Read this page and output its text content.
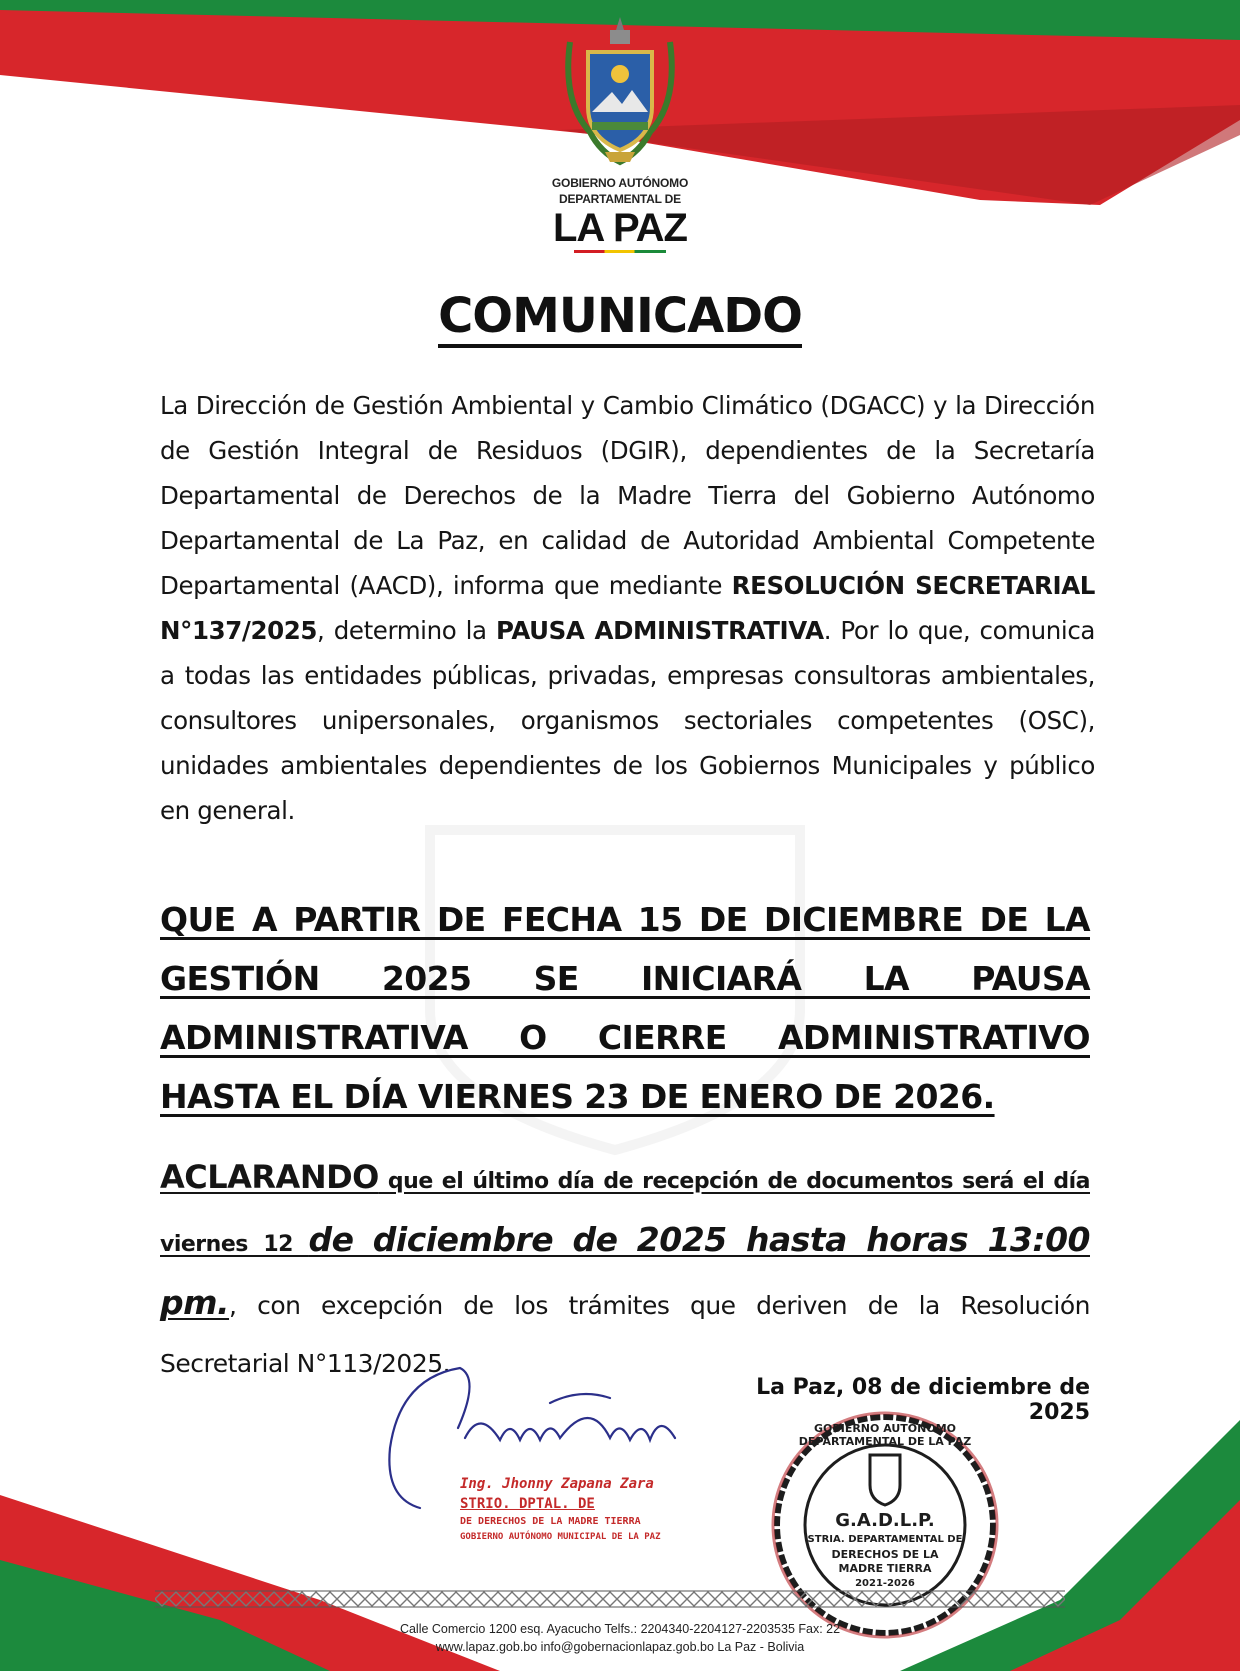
GOBIERNO AUTÓNOMO
DEPARTAMENTAL DE
LA PAZ
COMUNICADO
La Dirección de Gestión Ambiental y Cambio Climático (DGACC) y la Dirección de Gestión Integral de Residuos (DGIR), dependientes de la Secretaría Departamental de Derechos de la Madre Tierra del Gobierno Autónomo Departamental de La Paz, en calidad de Autoridad Ambiental Competente Departamental (AACD), informa que mediante RESOLUCIÓN SECRETARIAL N°137/2025, determino la PAUSA ADMINISTRATIVA. Por lo que, comunica a todas las entidades públicas, privadas, empresas consultoras ambientales, consultores unipersonales, organismos sectoriales competentes (OSC), unidades ambientales dependientes de los Gobiernos Municipales y público en general.
QUE A PARTIR DE FECHA 15 DE DICIEMBRE DE LA GESTIÓN 2025 SE INICIARÁ LA PAUSA ADMINISTRATIVA O CIERRE ADMINISTRATIVO HASTA EL DÍA VIERNES 23 DE ENERO DE 2026.
ACLARANDO que el último día de recepción de documentos será el día viernes 12 de diciembre de 2025 hasta horas 13:00 pm., con excepción de los trámites que deriven de la Resolución Secretarial N°113/2025.
La Paz, 08 de diciembre de 2025
Ing. Jhonny Zapana Zara
STRIO. DPTAL. DE
DE DERECHOS DE LA MADRE TIERRA
GOBIERNO AUTÓNOMO MUNICIPAL DE LA PAZ
GOBIERNO AUTÓNOMO DEPARTAMENTAL DE LA PAZ
G.A.D.L.P.
STRIA. DEPARTAMENTAL DE
DERECHOS DE LA
MADRE TIERRA
2021-2026
Calle Comercio 1200 esq. Ayacucho Telfs.: 2204340-2204127-2203535 Fax: 22
www.lapaz.gob.bo info@gobernacionlapaz.gob.bo La Paz - Bolivia
